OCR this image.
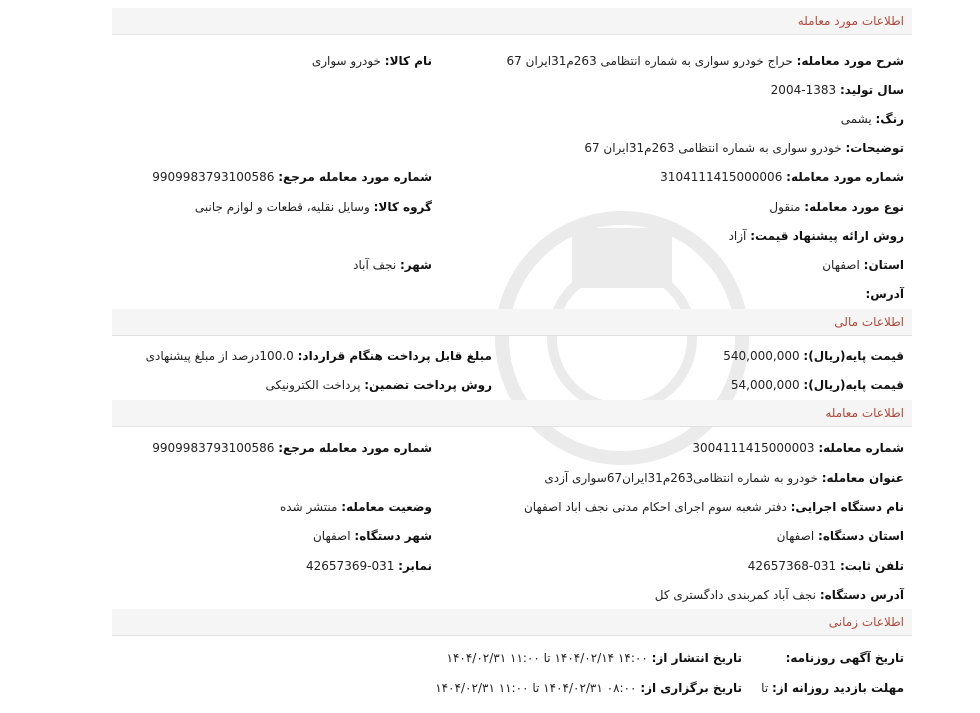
اطلاعات مورد معامله
شرح مورد معامله: حراج خودرو سواری به شماره انتظامی 263م31ایران 67
نام کالا: خودرو سواری
سال تولید: 1383-2004
رنگ: یشمی
توضیحات: خودرو سواری به شماره انتظامی 263م31ایران 67
شماره مورد معامله: 3104111415000006
شماره مورد معامله مرجع: 9909983793100586
نوع مورد معامله: منقول
گروه کالا: وسایل نقلیه، قطعات و لوازم جانبی
روش ارائه پیشنهاد قیمت: آزاد
استان: اصفهان
شهر: نجف آباد
آدرس:
اطلاعات مالی
قیمت پایه(ریال): 540,000,000
مبلغ قابل پرداخت هنگام قرارداد: 100.0درصد از مبلغ پیشنهادی
قیمت پایه(ریال): 54,000,000
روش پرداخت تضمین: پرداخت الکترونیکی
اطلاعات معامله
شماره معامله: 3004111415000003
شماره مورد معامله مرجع: 9909983793100586
عنوان معامله: خودرو به شماره انتظامی263م31ایران67سواری آزدی
نام دستگاه اجرایی: دفتر شعبه سوم اجرای احکام مدنی نجف اباد اصفهان
وضعیت معامله: منتشر شده
استان دستگاه: اصفهان
شهر دستگاه: اصفهان
تلفن ثابت: 031-42657368
نمابر: 031-42657369
آدرس دستگاه: نجف آباد کمربندی دادگستری کل
اطلاعات زمانی
تاریخ آگهی روزنامه:
تاریخ انتشار از: ۱۴:۰۰ ۱۴۰۴/۰۲/۱۴ تا ۱۱:۰۰ ۱۴۰۴/۰۲/۳۱
مهلت بازدید روزانه از: تا
تاریخ برگزاری از: ۰۸:۰۰ ۱۴۰۴/۰۲/۳۱ تا ۱۱:۰۰ ۱۴۰۴/۰۲/۳۱
